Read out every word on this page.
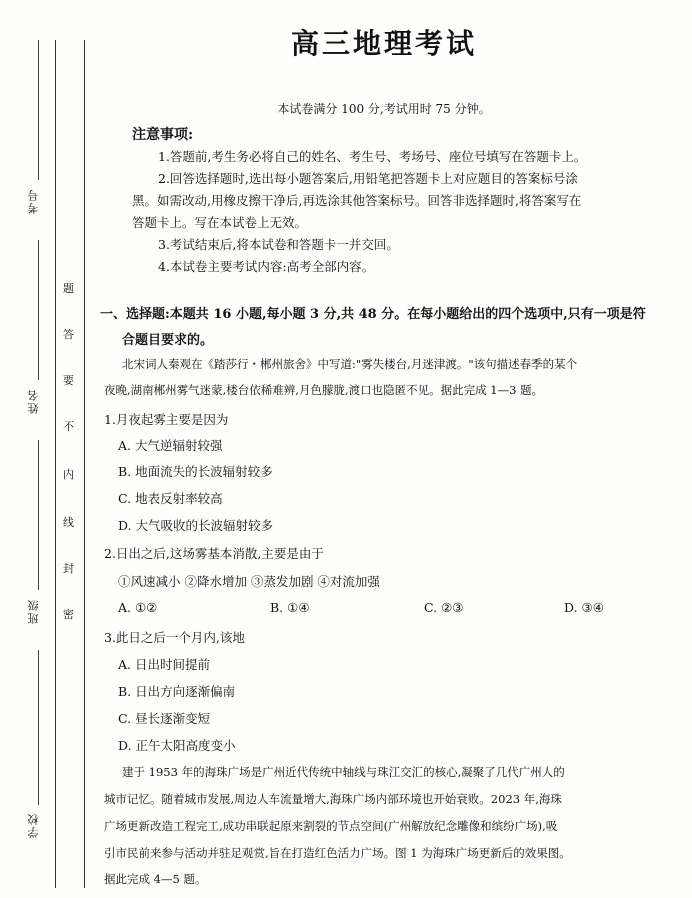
考号
姓名
班级
学校
题
答
要
不
内
线
封
密
高三地理考试
本试卷满分 100 分,考试用时 75 分钟。
注意事项:
1.答题前,考生务必将自己的姓名、考生号、考场号、座位号填写在答题卡上。
2.回答选择题时,选出每小题答案后,用铅笔把答题卡上对应题目的答案标号涂
黑。如需改动,用橡皮擦干净后,再选涂其他答案标号。回答非选择题时,将答案写在
答题卡上。写在本试卷上无效。
3.考试结束后,将本试卷和答题卡一并交回。
4.本试卷主要考试内容:高考全部内容。
一、选择题:本题共 16 小题,每小题 3 分,共 48 分。在每小题给出的四个选项中,只有一项是符
合题目要求的。
北宋词人秦观在《踏莎行・郴州旅舍》中写道:"雾失楼台,月迷津渡。"该句描述春季的某个
夜晚,湖南郴州雾气迷蒙,楼台依稀难辨,月色朦胧,渡口也隐匿不见。据此完成 1—3 题。
1.月夜起雾主要是因为
A. 大气逆辐射较强
B. 地面流失的长波辐射较多
C. 地表反射率较高
D. 大气吸收的长波辐射较多
2.日出之后,这场雾基本消散,主要是由于
①风速减小 ②降水增加 ③蒸发加剧 ④对流加强
A. ①②	B. ①④	C. ②③	D. ③④
3.此日之后一个月内,该地
A. 日出时间提前
B. 日出方向逐渐偏南
C. 昼长逐渐变短
D. 正午太阳高度变小
建于 1953 年的海珠广场是广州近代传统中轴线与珠江交汇的核心,凝聚了几代广州人的
城市记忆。随着城市发展,周边人车流量增大,海珠广场内部环境也开始衰败。2023 年,海珠
广场更新改造工程完工,成功串联起原来割裂的节点空间(广州解放纪念雕像和缤纷广场),吸
引市民前来参与活动并驻足观赏,旨在打造红色活力广场。图 1 为海珠广场更新后的效果图。
据此完成 4—5 题。
